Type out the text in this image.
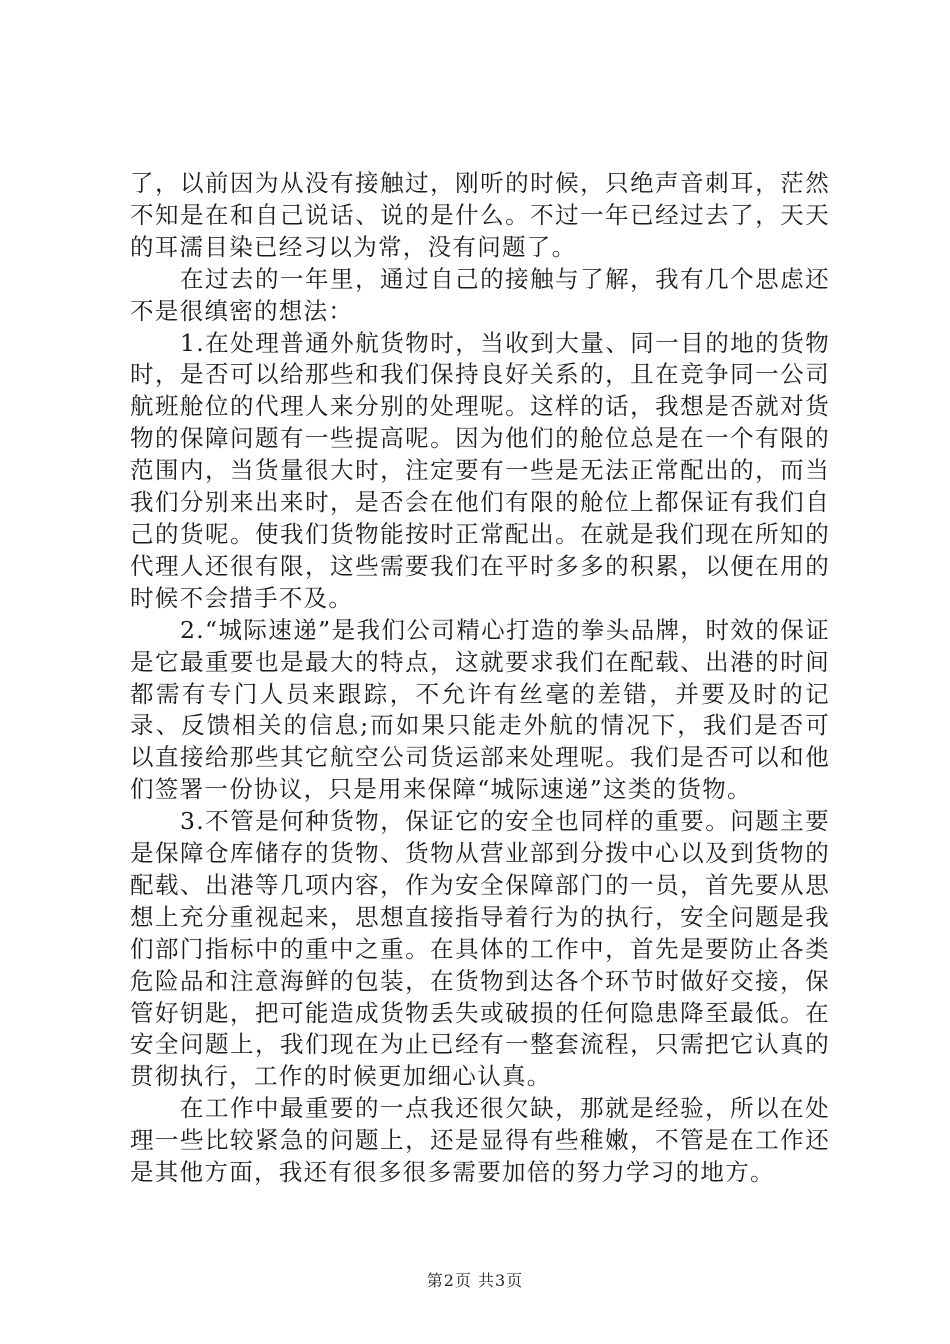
了，以前因为从没有接触过，刚听的时候，只绝声音刺耳，茫然不知是在和自己说话、说的是什么。不过一年已经过去了，天天的耳濡目染已经习以为常，没有问题了。

在过去的一年里，通过自己的接触与了解，我有几个思虑还不是很缜密的想法：

1.在处理普通外航货物时，当收到大量、同一目的地的货物时，是否可以给那些和我们保持良好关系的，且在竞争同一公司航班舱位的代理人来分别的处理呢。这样的话，我想是否就对货物的保障问题有一些提高呢。因为他们的舱位总是在一个有限的范围内，当货量很大时，注定要有一些是无法正常配出的，而当我们分别来出来时，是否会在他们有限的舱位上都保证有我们自己的货呢。使我们货物能按时正常配出。在就是我们现在所知的代理人还很有限，这些需要我们在平时多多的积累，以便在用的时候不会措手不及。

2.“城际速递”是我们公司精心打造的拳头品牌，时效的保证是它最重要也是最大的特点，这就要求我们在配载、出港的时间都需有专门人员来跟踪，不允许有丝毫的差错，并要及时的记录、反馈相关的信息;而如果只能走外航的情况下，我们是否可以直接给那些其它航空公司货运部来处理呢。我们是否可以和他们签署一份协议，只是用来保障“城际速递”这类的货物。

3.不管是何种货物，保证它的安全也同样的重要。问题主要是保障仓库储存的货物、货物从营业部到分拨中心以及到货物的配载、出港等几项内容，作为安全保障部门的一员，首先要从思想上充分重视起来，思想直接指导着行为的执行，安全问题是我们部门指标中的重中之重。在具体的工作中，首先是要防止各类危险品和注意海鲜的包装，在货物到达各个环节时做好交接，保管好钥匙，把可能造成货物丢失或破损的任何隐患降至最低。在安全问题上，我们现在为止已经有一整套流程，只需把它认真的贯彻执行，工作的时候更加细心认真。

在工作中最重要的一点我还很欠缺，那就是经验，所以在处理一些比较紧急的问题上，还是显得有些稚嫩，不管是在工作还是其他方面，我还有很多很多需要加倍的努力学习的地方。

第2页 共3页
